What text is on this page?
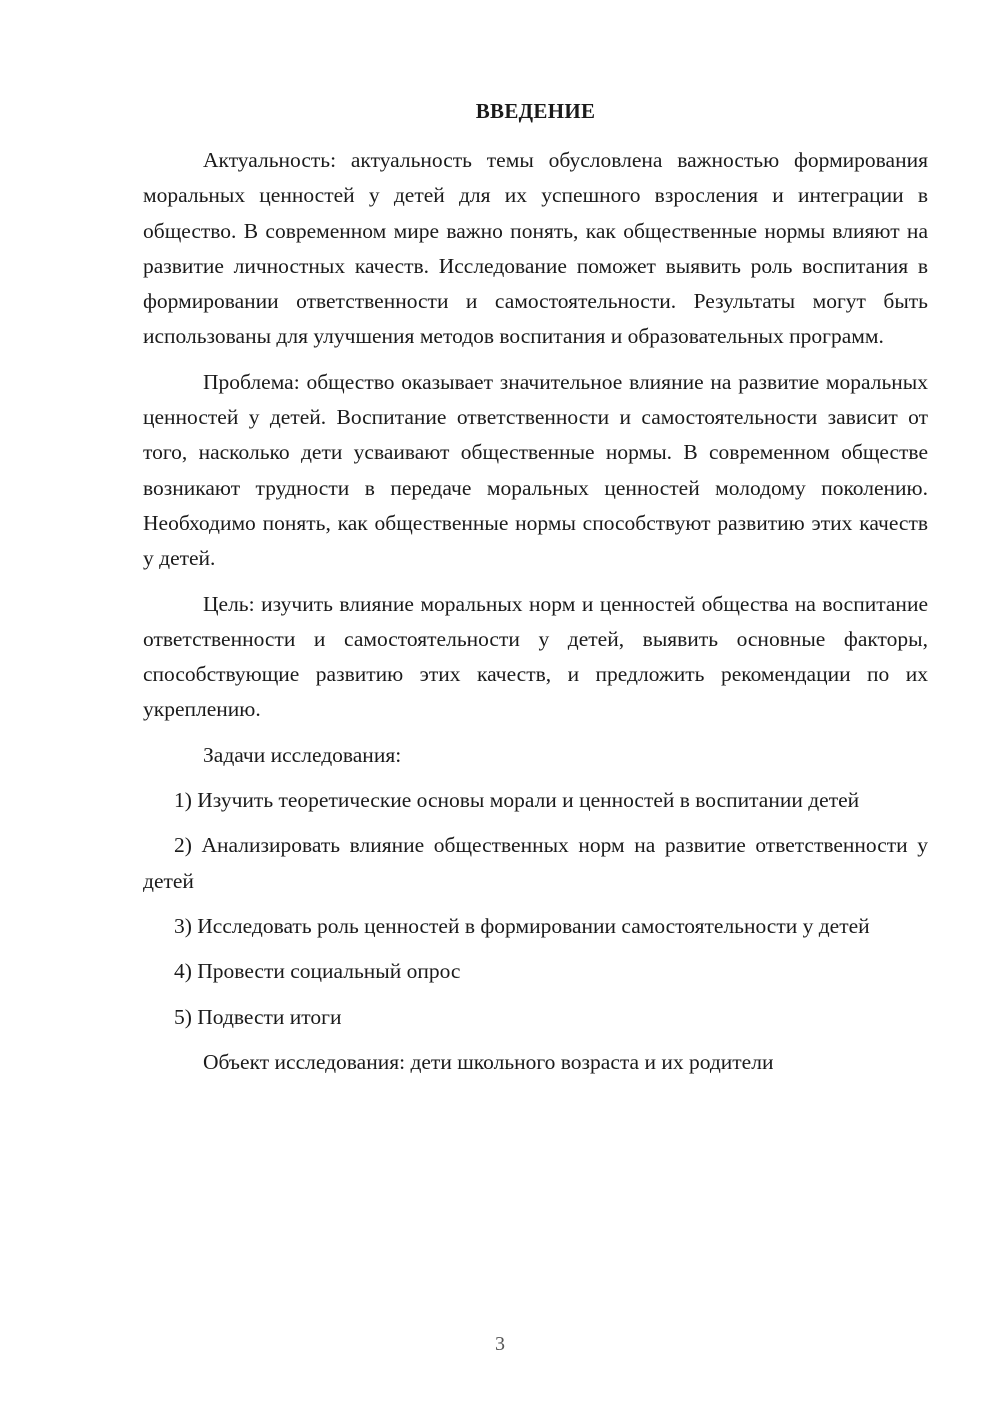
ВВЕДЕНИЕ

Актуальность: актуальность темы обусловлена важностью формирования моральных ценностей у детей для их успешного взросления и интеграции в общество. В современном мире важно понять, как общественные нормы влияют на развитие личностных качеств. Исследование поможет выявить роль воспитания в формировании ответственности и самостоятельности. Результаты могут быть использованы для улучшения методов воспитания и образовательных программ.

Проблема: общество оказывает значительное влияние на развитие моральных ценностей у детей. Воспитание ответственности и самостоятельности зависит от того, насколько дети усваивают общественные нормы. В современном обществе возникают трудности в передаче моральных ценностей молодому поколению. Необходимо понять, как общественные нормы способствуют развитию этих качеств у детей.

Цель: изучить влияние моральных норм и ценностей общества на воспитание ответственности и самостоятельности у детей, выявить основные факторы, способствующие развитию этих качеств, и предложить рекомендации по их укреплению.

Задачи исследования:

1) Изучить теоретические основы морали и ценностей в воспитании детей

2) Анализировать влияние общественных норм на развитие ответственности у детей

3) Исследовать роль ценностей в формировании самостоятельности у детей

4) Провести социальный опрос

5) Подвести итоги

Объект исследования: дети школьного возраста и их родители

3
